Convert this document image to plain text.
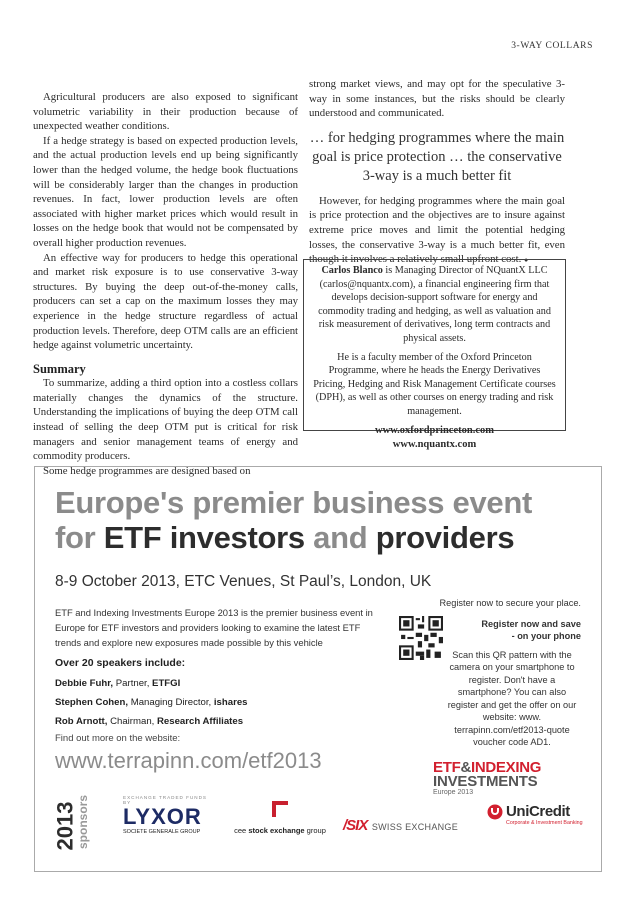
3-WAY COLLARS

Agricultural producers are also exposed to significant volumetric variability in their production because of unexpected weather conditions.

If a hedge strategy is based on expected production levels, and the actual production levels end up being significantly lower than the hedged volume, the hedge book fluctuations will be considerably larger than the changes in production revenues. In fact, lower production levels are often associated with higher market prices which would result in losses on the hedge book that would not be compensated by overall higher production revenues.

An effective way for producers to hedge this operational and market risk exposure is to use conservative 3-way structures. By buying the deep out-of-the-money calls, producers can set a cap on the maximum losses they may experience in the hedge structure regardless of actual production levels. Therefore, deep OTM calls are an efficient hedge against volumetric uncertainty.

Summary

To summarize, adding a third option into a costless collars materially changes the dynamics of the structure. Understanding the implications of buying the deep OTM call instead of selling the deep OTM put is critical for risk managers and senior management teams of energy and commodity producers.

Some hedge programmes are designed based on

strong market views, and may opt for the speculative 3-way in some instances, but the risks should be clearly understood and communicated.

… for hedging programmes where the main goal is price protection … the conservative 3-way is a much better fit

However, for hedging programmes where the main goal is price protection and the objectives are to insure against extreme price moves and limit the potential hedging losses, the conservative 3-way is a much better fit, even though it involves a relatively small upfront cost. ●

Carlos Blanco is Managing Director of NQuantX LLC (carlos@nquantx.com), a financial engineering firm that develops decision-support software for energy and commodity trading and hedging, as well as valuation and risk measurement of derivatives, long term contracts and physical assets.

He is a faculty member of the Oxford Princeton Programme, where he heads the Energy Derivatives Pricing, Hedging and Risk Management Certificate courses (DPH), as well as other courses on energy trading and risk management.

www.oxfordprinceton.com

www.nquantx.com

Europe's premier business event
for ETF investors and providers
8-9 October 2013, ETC Venues, St Paul’s, London, UK
ETF and Indexing Investments Europe 2013 is the premier business event in Europe for ETF investors and providers looking to examine the latest ETF trends and explore new exposures made possible by this vehicle
Over 20 speakers include:
Debbie Fuhr, Partner, ETFGI
Stephen Cohen, Managing Director, ishares
Rob Arnott, Chairman, Research Affiliates
Find out more on the website:
www.terrapinn.com/etf2013
Register now to secure your place.
Register now and save
- on your phone
Scan this QR pattern with the camera on your smartphone to register. Don't have a smartphone? You can also register and get the offer on our website: www. terrapinn.com/etf2013-quote voucher code AD1.
ETF&INDEXING
INVESTMENTS
Europe 2013
2013
sponsors	EXCHANGE TRADED FUNDS BY
LYXOR
SOCIETE GENERALE GROUP	cee stock exchange group	/SIX SWISS EXCHANGE
UniCredit
Corporate & Investment Banking
